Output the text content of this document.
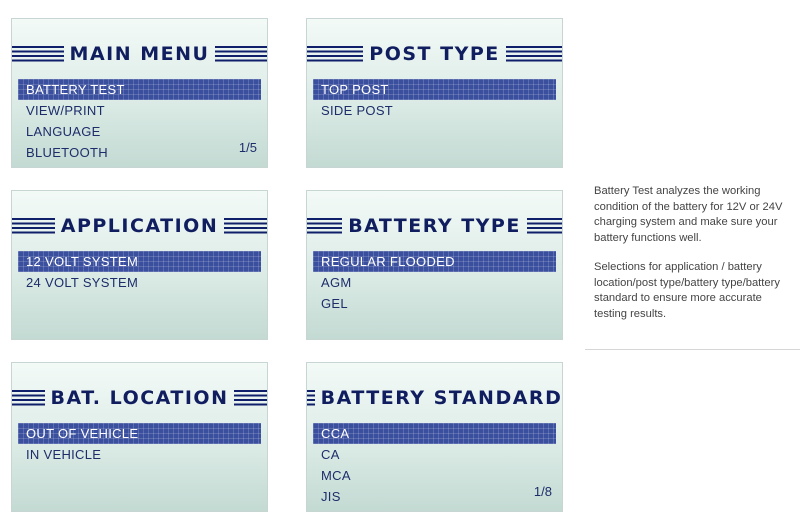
MAIN MENU
BATTERY TEST
VIEW/PRINT
LANGUAGE
BLUETOOTH	1/5
POST TYPE
TOP POST
SIDE POST
APPLICATION
12 VOLT SYSTEM
24 VOLT SYSTEM
BATTERY TYPE
REGULAR FLOODED
AGM
GEL
BAT. LOCATION
OUT OF VEHICLE
IN VEHICLE
BATTERY STANDARD
CCA
CA
MCA
JIS	1/8

Battery Test analyzes the working condition of the battery for 12V or 24V charging system and make sure your battery functions well.

Selections for application / battery location/post type/battery type/battery standard to ensure more accurate testing results.
